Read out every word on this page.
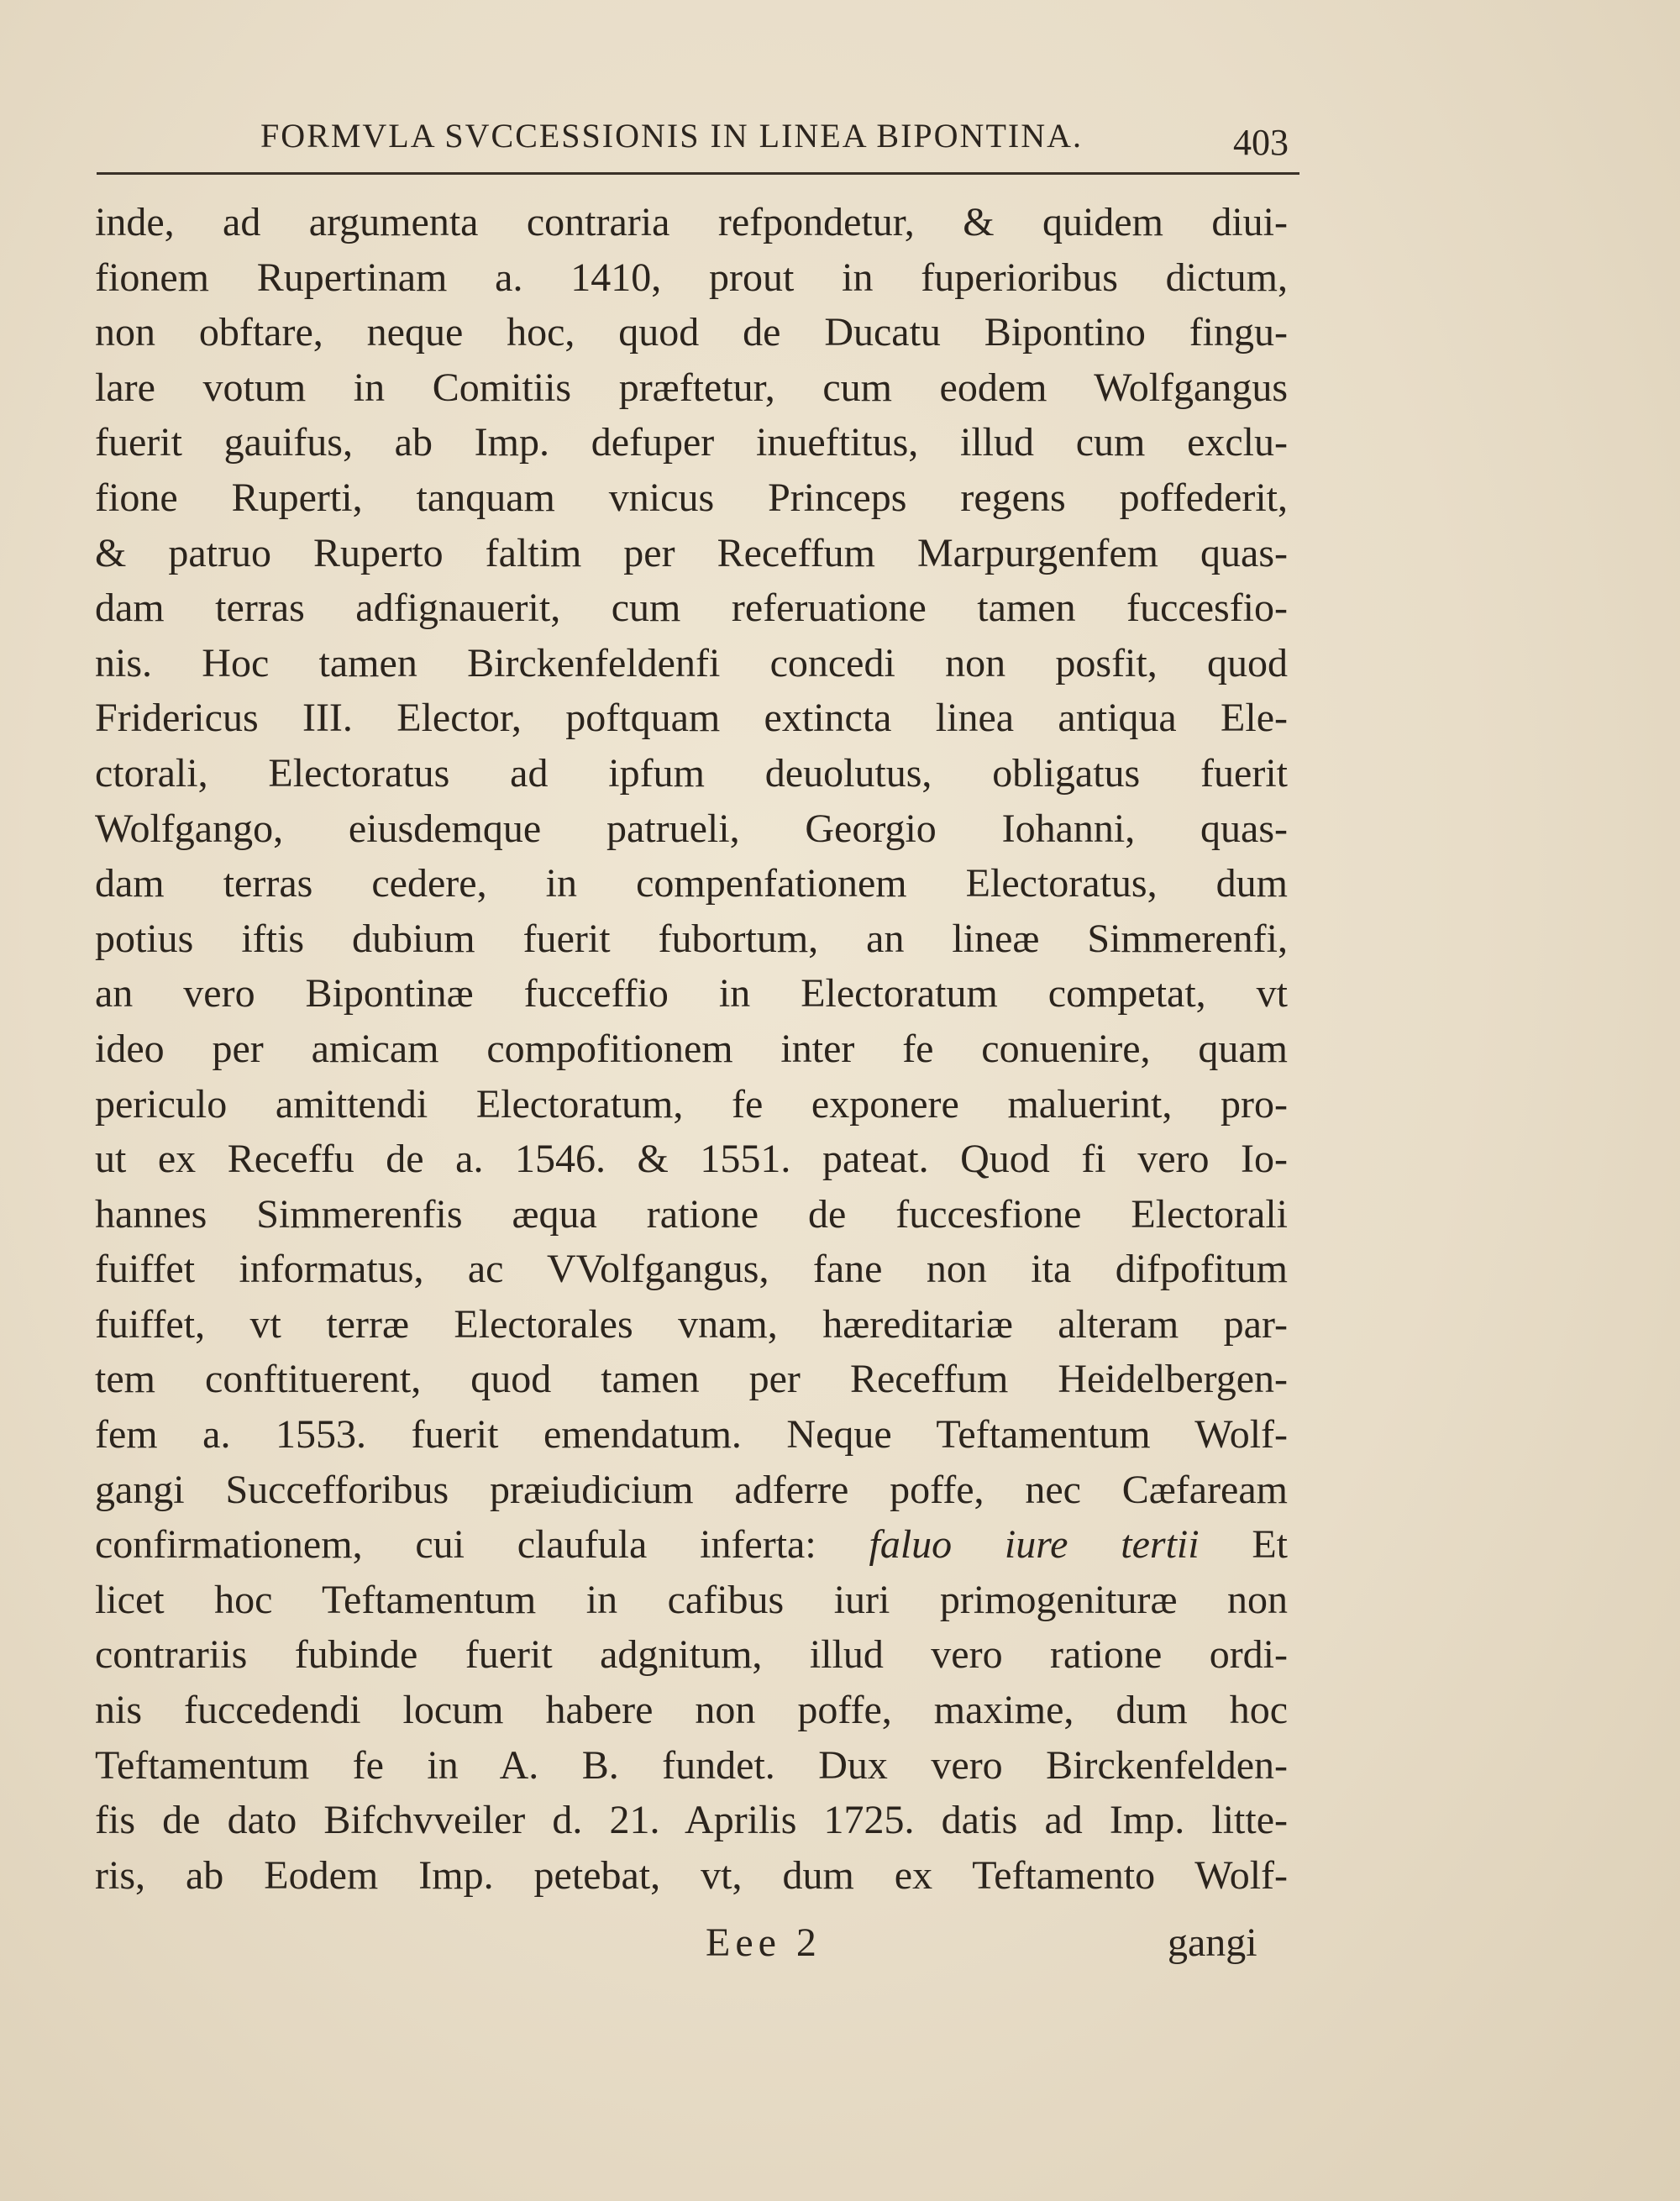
FORMVLA SVCCESSIONIS IN LINEA BIPONTINA.	403
inde, ad argumenta contraria refpondetur, & quidem diui-
fionem Rupertinam a. 1410, prout in fuperioribus dictum,
non obftare, neque hoc, quod de Ducatu Bipontino fingu-
lare votum in Comitiis præftetur, cum eodem Wolfgangus
fuerit gauifus, ab Imp. defuper inueftitus, illud cum exclu-
fione Ruperti, tanquam vnicus Princeps regens poffederit,
& patruo Ruperto faltim per Receffum Marpurgenfem quas-
dam terras adfignauerit, cum referuatione tamen fuccesfio-
nis. Hoc tamen Birckenfeldenfi concedi non posfit, quod
Fridericus III. Elector, poftquam extincta linea antiqua Ele-
ctorali, Electoratus ad ipfum deuolutus, obligatus fuerit
Wolfgango, eiusdemque patrueli, Georgio Iohanni, quas-
dam terras cedere, in compenfationem Electoratus, dum
potius iftis dubium fuerit fubortum, an lineæ Simmerenfi,
an vero Bipontinæ fucceffio in Electoratum competat, vt
ideo per amicam compofitionem inter fe conuenire, quam
periculo amittendi Electoratum, fe exponere maluerint, pro-
ut ex Receffu de a. 1546. & 1551. pateat. Quod fi vero Io-
hannes Simmerenfis æqua ratione de fuccesfione Electorali
fuiffet informatus, ac VVolfgangus, fane non ita difpofitum
fuiffet, vt terræ Electorales vnam, hæreditariæ alteram par-
tem conftituerent, quod tamen per Receffum Heidelbergen-
fem a. 1553. fuerit emendatum. Neque Teftamentum Wolf-
gangi Succefforibus præiudicium adferre poffe, nec Cæfaream
confirmationem, cui claufula inferta: faluo iure tertii Et
licet hoc Teftamentum in cafibus iuri primogenituræ non
contrariis fubinde fuerit adgnitum, illud vero ratione ordi-
nis fuccedendi locum habere non poffe, maxime, dum hoc
Teftamentum fe in A. B. fundet. Dux vero Birckenfelden-
fis de dato Bifchvveiler d. 21. Aprilis 1725. datis ad Imp. litte-
ris, ab Eodem Imp. petebat, vt, dum ex Teftamento Wolf-
Eee 2	gangi
